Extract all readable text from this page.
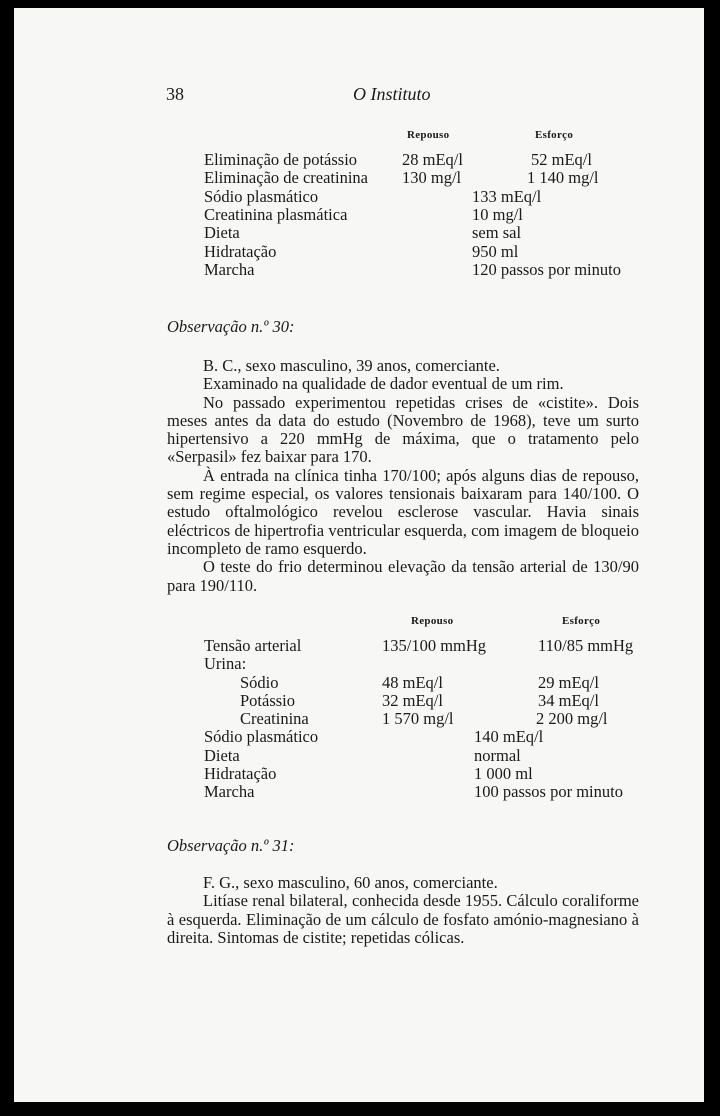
38	O Instituto
Repouso	Esforço
Eliminação de potássio	28 mEq/l	52 mEq/l
Eliminação de creatinina 130 mg/l	1 140 mg/l
Sódio plasmático	133 mEq/l
Creatinina plasmática	10 mg/l
Dieta	sem sal
Hidratação	950 ml
Marcha	120 passos por minuto
Observação n.º 30:

B. C., sexo masculino, 39 anos, comerciante.

Examinado na qualidade de dador eventual de um rim.

No passado experimentou repetidas crises de «cistite». Dois meses antes da data do estudo (Novembro de 1968), teve um surto hipertensivo a 220 mmHg de máxima, que o tratamento pelo «Serpasil» fez baixar para 170.

À entrada na clínica tinha 170/100; após alguns dias de repouso, sem regime especial, os valores tensionais baixaram para 140/100. O estudo oftalmológico revelou esclerose vascular. Havia sinais eléctricos de hipertrofia ventricular esquerda, com imagem de bloqueio incompleto de ramo esquerdo.

O teste do frio determinou elevação da tensão arterial de 130/90 para 190/110.

Repouso	Esforço
Tensão arterial	135/100 mmHg	110/85 mmHg
Urina:
Sódio	48 mEq/l	29 mEq/l
Potássio	32 mEq/l	34 mEq/l
Creatinina	1 570 mg/l	2 200 mg/l
Sódio plasmático	140 mEq/l
Dieta	normal
Hidratação	1 000 ml
Marcha	100 passos por minuto
Observação n.º 31:

F. G., sexo masculino, 60 anos, comerciante.

Litíase renal bilateral, conhecida desde 1955. Cálculo coraliforme à esquerda. Eliminação de um cálculo de fosfato amónio-magnesiano à direita. Sintomas de cistite; repetidas cólicas.
